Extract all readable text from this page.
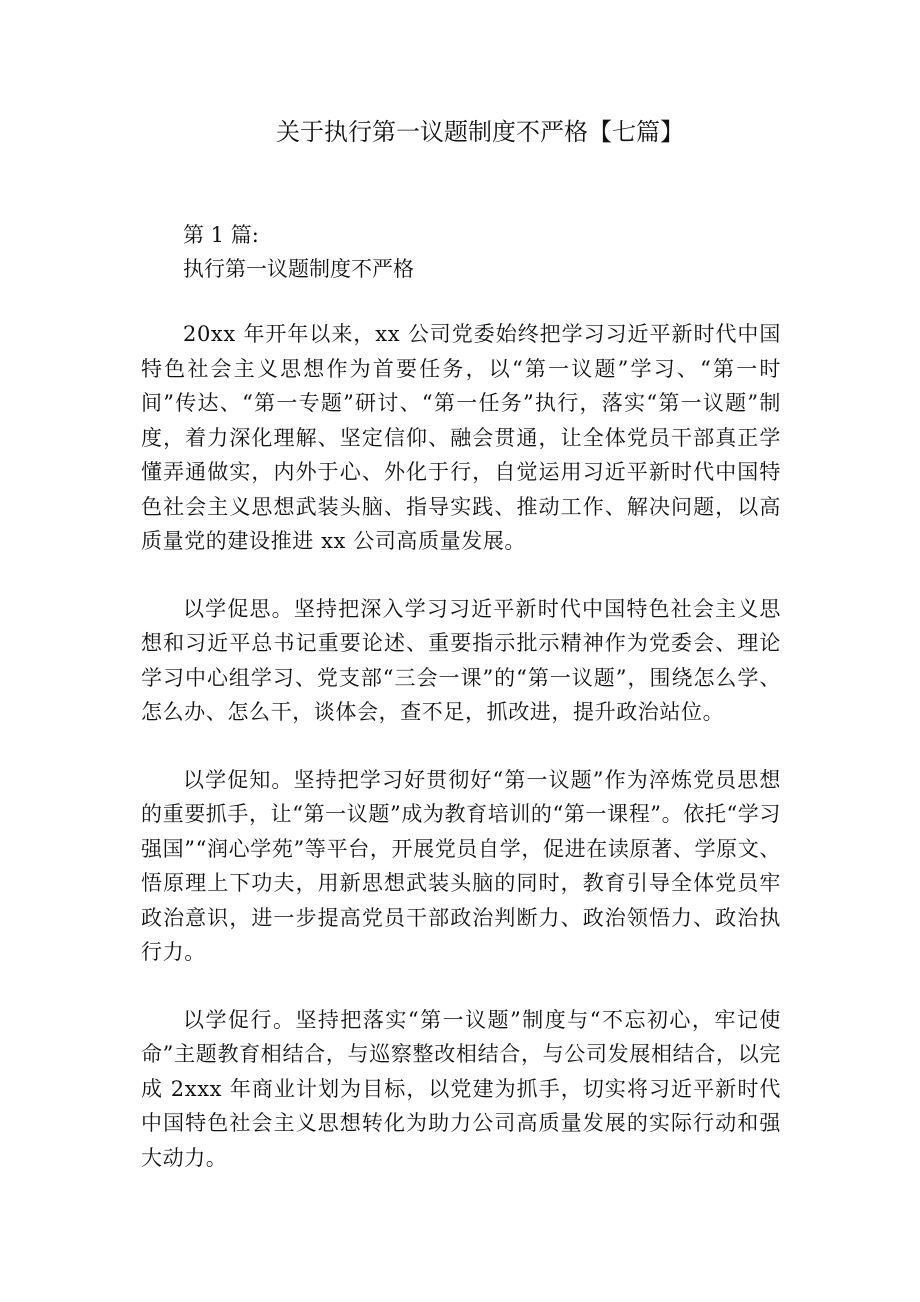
关于执行第一议题制度不严格【七篇】
第 1 篇:
执行第一议题制度不严格

20xx 年开年以来，xx 公司党委始终把学习习近平新时代中国特色社会主义思想作为首要任务，以“第一议题”学习、“第一时间”传达、“第一专题”研讨、“第一任务”执行，落实“第一议题”制度，着力深化理解、坚定信仰、融会贯通，让全体党员干部真正学懂弄通做实，内外于心、外化于行，自觉运用习近平新时代中国特色社会主义思想武装头脑、指导实践、推动工作、解决问题，以高质量党的建设推进 xx 公司高质量发展。

以学促思。坚持把深入学习习近平新时代中国特色社会主义思想和习近平总书记重要论述、重要指示批示精神作为党委会、理论学习中心组学习、党支部“三会一课”的“第一议题”，围绕怎么学、怎么办、怎么干，谈体会，查不足，抓改进，提升政治站位。

以学促知。坚持把学习好贯彻好“第一议题”作为淬炼党员思想的重要抓手，让“第一议题”成为教育培训的“第一课程”。依托“学习强国”“润心学苑”等平台，开展党员自学，促进在读原著、学原文、悟原理上下功夫，用新思想武装头脑的同时，教育引导全体党员牢政治意识，进一步提高党员干部政治判断力、政治领悟力、政治执行力。

以学促行。坚持把落实“第一议题”制度与“不忘初心，牢记使命”主题教育相结合，与巡察整改相结合，与公司发展相结合，以完成 2xxx 年商业计划为目标，以党建为抓手，切实将习近平新时代中国特色社会主义思想转化为助力公司高质量发展的实际行动和强大动力。
